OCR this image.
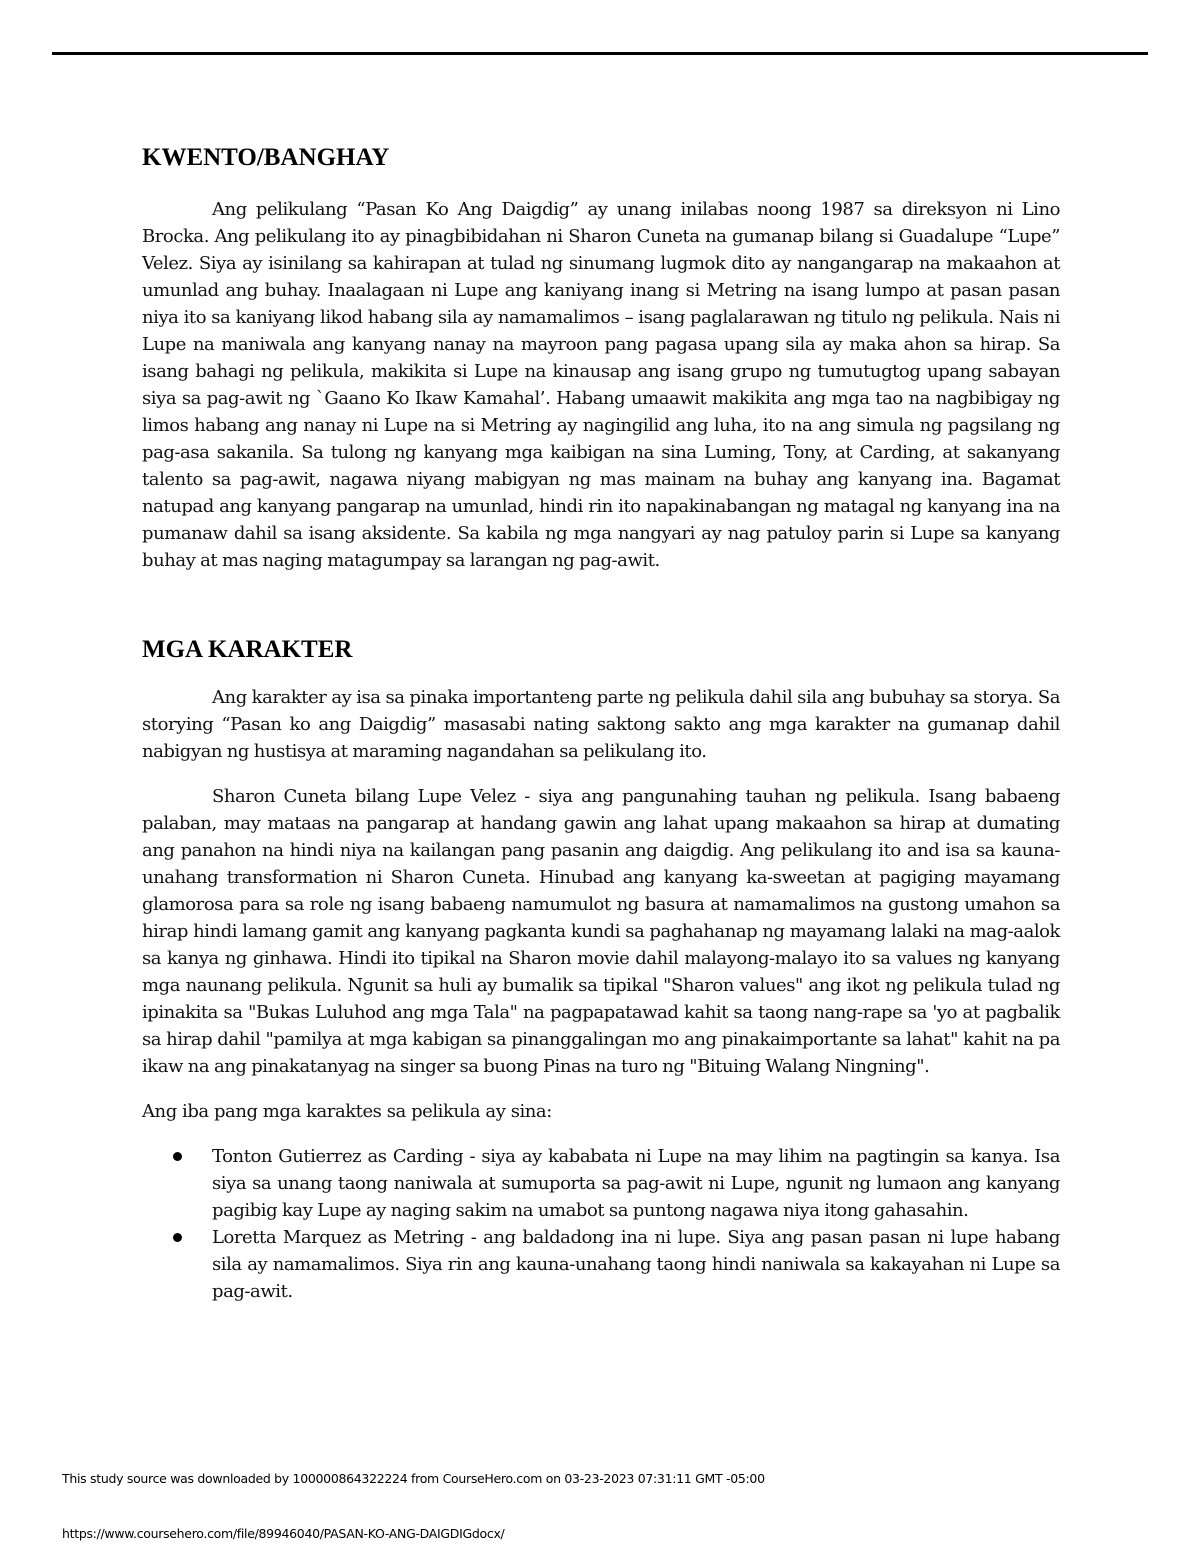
KWENTO/BANGHAY

Ang pelikulang “Pasan Ko Ang Daigdig” ay unang inilabas noong 1987 sa direksyon ni Lino Brocka. Ang pelikulang ito ay pinagbibidahan ni Sharon Cuneta na gumanap bilang si Guadalupe “Lupe” Velez. Siya ay isinilang sa kahirapan at tulad ng sinumang lugmok dito ay nangangarap na makaahon at umunlad ang buhay. Inaalagaan ni Lupe ang kaniyang inang si Metring na isang lumpo at pasan pasan niya ito sa kaniyang likod habang sila ay namamalimos – isang paglalarawan ng titulo ng pelikula. Nais ni Lupe na maniwala ang kanyang nanay na mayroon pang pagasa upang sila ay maka ahon sa hirap. Sa isang bahagi ng pelikula, makikita si Lupe na kinausap ang isang grupo ng tumutugtog upang sabayan siya sa pag-awit ng `Gaano Ko Ikaw Kamahal’. Habang umaawit makikita ang mga tao na nagbibigay ng limos habang ang nanay ni Lupe na si Metring ay nagingilid ang luha, ito na ang simula ng pagsilang ng pag-asa sakanila. Sa tulong ng kanyang mga kaibigan na sina Luming, Tony, at Carding, at sakanyang talento sa pag-awit, nagawa niyang mabigyan ng mas mainam na buhay ang kanyang ina. Bagamat natupad ang kanyang pangarap na umunlad, hindi rin ito napakinabangan ng matagal ng kanyang ina na pumanaw dahil sa isang aksidente. Sa kabila ng mga nangyari ay nag patuloy parin si Lupe sa kanyang buhay at mas naging matagumpay sa larangan ng pag-awit.

MGA KARAKTER

Ang karakter ay isa sa pinaka importanteng parte ng pelikula dahil sila ang bubuhay sa storya. Sa storying “Pasan ko ang Daigdig” masasabi nating saktong sakto ang mga karakter na gumanap dahil nabigyan ng hustisya at maraming nagandahan sa pelikulang ito.

Sharon Cuneta bilang Lupe Velez - siya ang pangunahing tauhan ng pelikula. Isang babaeng palaban, may mataas na pangarap at handang gawin ang lahat upang makaahon sa hirap at dumating ang panahon na hindi niya na kailangan pang pasanin ang daigdig. Ang pelikulang ito and isa sa kauna-unahang transformation ni Sharon Cuneta. Hinubad ang kanyang ka-sweetan at pagiging mayamang glamorosa para sa role ng isang babaeng namumulot ng basura at namamalimos na gustong umahon sa hirap hindi lamang gamit ang kanyang pagkanta kundi sa paghahanap ng mayamang lalaki na mag-aalok sa kanya ng ginhawa. Hindi ito tipikal na Sharon movie dahil malayong-malayo ito sa values ng kanyang mga naunang pelikula. Ngunit sa huli ay bumalik sa tipikal "Sharon values" ang ikot ng pelikula tulad ng ipinakita sa "Bukas Luluhod ang mga Tala" na pagpapatawad kahit sa taong nang-rape sa 'yo at pagbalik sa hirap dahil "pamilya at mga kabigan sa pinanggalingan mo ang pinakaimportante sa lahat" kahit na pa ikaw na ang pinakatanyag na singer sa buong Pinas na turo ng "Bituing Walang Ningning".

Ang iba pang mga karaktes sa pelikula ay sina:

Tonton Gutierrez as Carding - siya ay kababata ni Lupe na may lihim na pagtingin sa kanya. Isa siya sa unang taong naniwala at sumuporta sa pag-awit ni Lupe, ngunit ng lumaon ang kanyang pagibig kay Lupe ay naging sakim na umabot sa puntong nagawa niya itong gahasahin.
Loretta Marquez as Metring - ang baldadong ina ni lupe. Siya ang pasan pasan ni lupe habang sila ay namamalimos. Siya rin ang kauna-unahang taong hindi naniwala sa kakayahan ni Lupe sa pag-awit.
This study source was downloaded by 100000864322224 from CourseHero.com on 03-23-2023 07:31:11 GMT -05:00
https://www.coursehero.com/file/89946040/PASAN-KO-ANG-DAIGDIGdocx/
